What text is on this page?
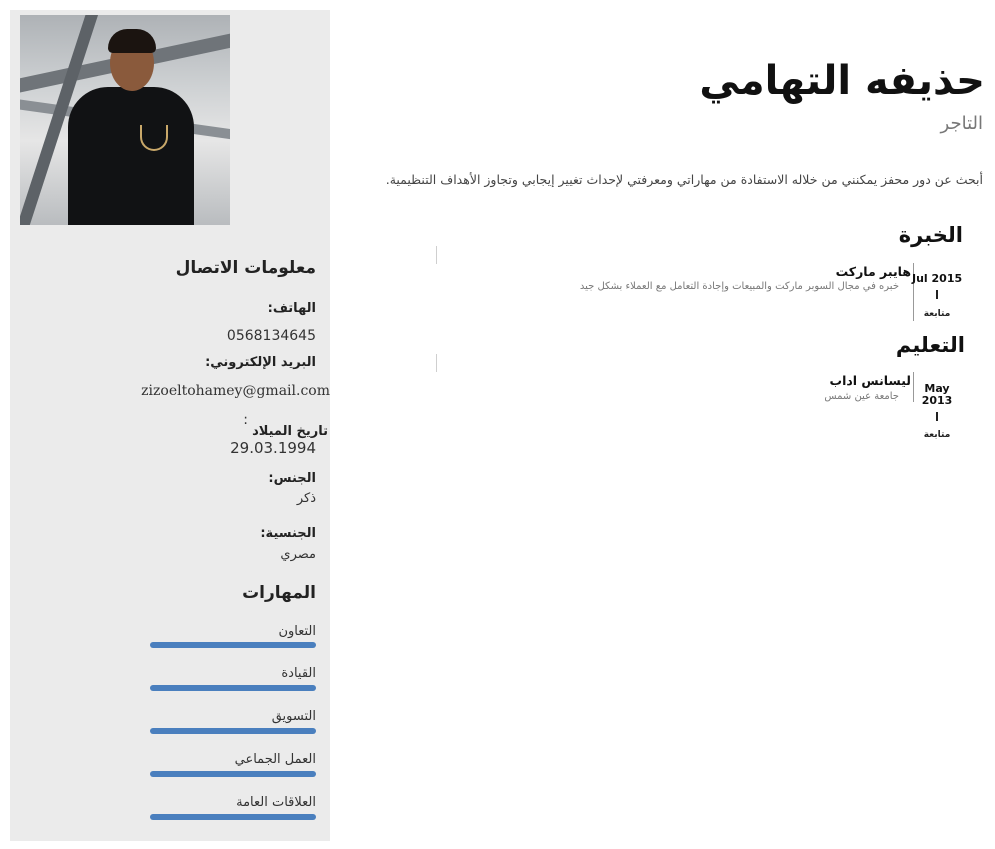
معلومات الاتصال
الهاتف:
0568134645
البريد الإلكتروني:
zizoeltohamey@gmail.com
:
تاريخ الميلاد
29.03.1994
الجنس:
ذكر
الجنسية:
مصري
المهارات
التعاون
القيادة
التسويق
العمل الجماعي
العلاقات العامة
حذيفه التهامي
التاجر
أبحث عن دور محفز يمكنني من خلاله الاستفادة من مهاراتي ومعرفتي لإحداث تغيير إيجابي وتجاوز الأهداف التنظيمية.
الخبرة
Jul 2015
متابعة
هايبر ماركت
خبره في مجال السوبر ماركت والمبيعات وإجادة التعامل مع العملاء بشكل جيد
التعليم
May
2013
متابعة
ليسانس اداب
جامعة عين شمس
